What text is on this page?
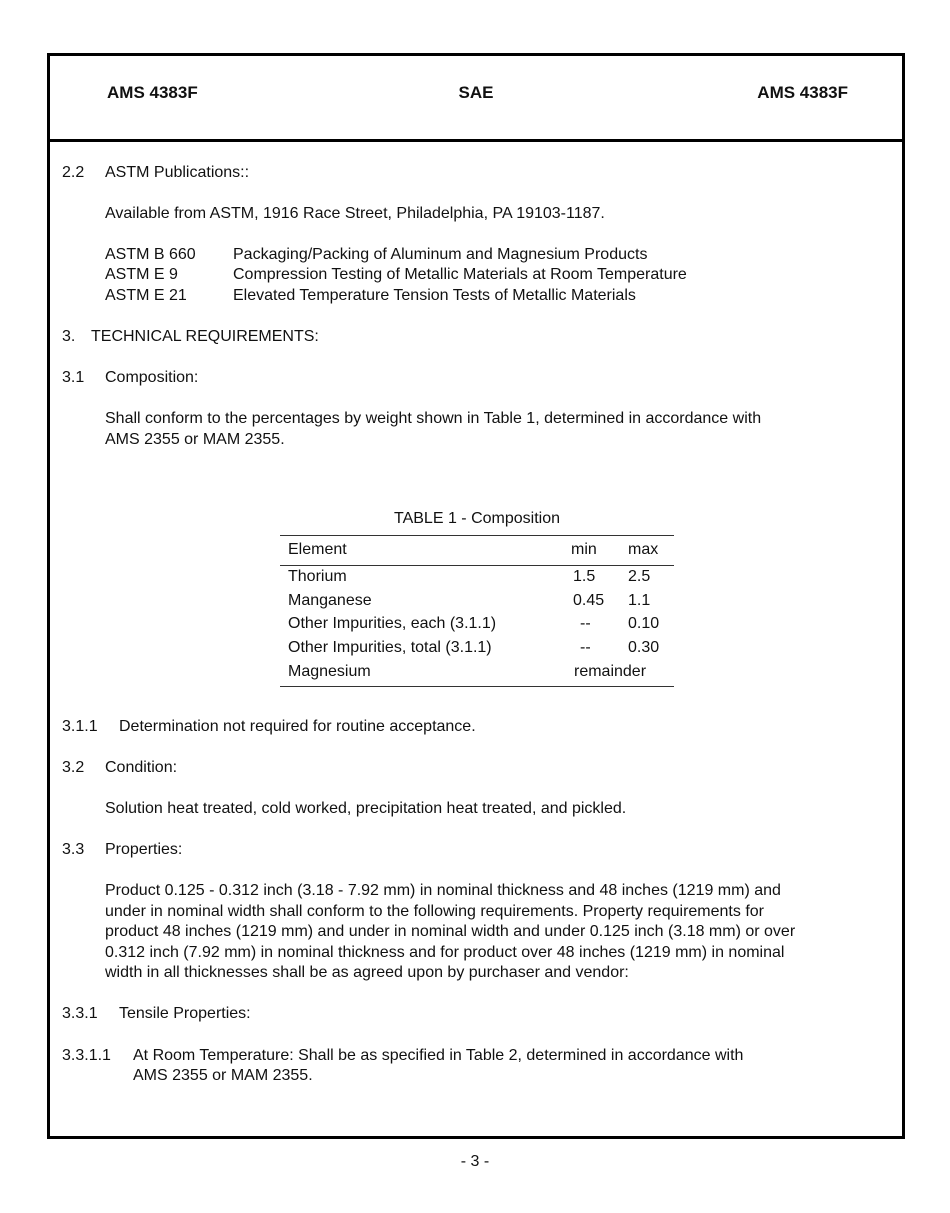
AMS 4383F	SAE	AMS 4383F
2.2 ASTM Publications::
Available from ASTM, 1916 Race Street, Philadelphia, PA 19103-1187.
ASTM B 660 Packaging/Packing of Aluminum and Magnesium Products
ASTM E 9	Compression Testing of Metallic Materials at Room Temperature
ASTM E 21	Elevated Temperature Tension Tests of Metallic Materials
3. TECHNICAL REQUIREMENTS:
3.1 Composition:
Shall conform to the percentages by weight shown in Table 1, determined in accordance with
AMS 2355 or MAM 2355.
TABLE 1 - Composition
Element	min max
Thorium	1.5 2.5
Manganese	0.45 1.1
Other Impurities, each (3.1.1)	-- 0.10
Other Impurities, total (3.1.1)	-- 0.30
Magnesium	remainder
3.1.1 Determination not required for routine acceptance.
3.2 Condition:
Solution heat treated, cold worked, precipitation heat treated, and pickled.
3.3 Properties:
Product 0.125 - 0.312 inch (3.18 - 7.92 mm) in nominal thickness and 48 inches (1219 mm) and
under in nominal width shall conform to the following requirements. Property requirements for
product 48 inches (1219 mm) and under in nominal width and under 0.125 inch (3.18 mm) or over
0.312 inch (7.92 mm) in nominal thickness and for product over 48 inches (1219 mm) in nominal
width in all thicknesses shall be as agreed upon by purchaser and vendor:
3.3.1 Tensile Properties:
3.3.1.1 At Room Temperature: Shall be as specified in Table 2, determined in accordance with
AMS 2355 or MAM 2355.
- 3 -
